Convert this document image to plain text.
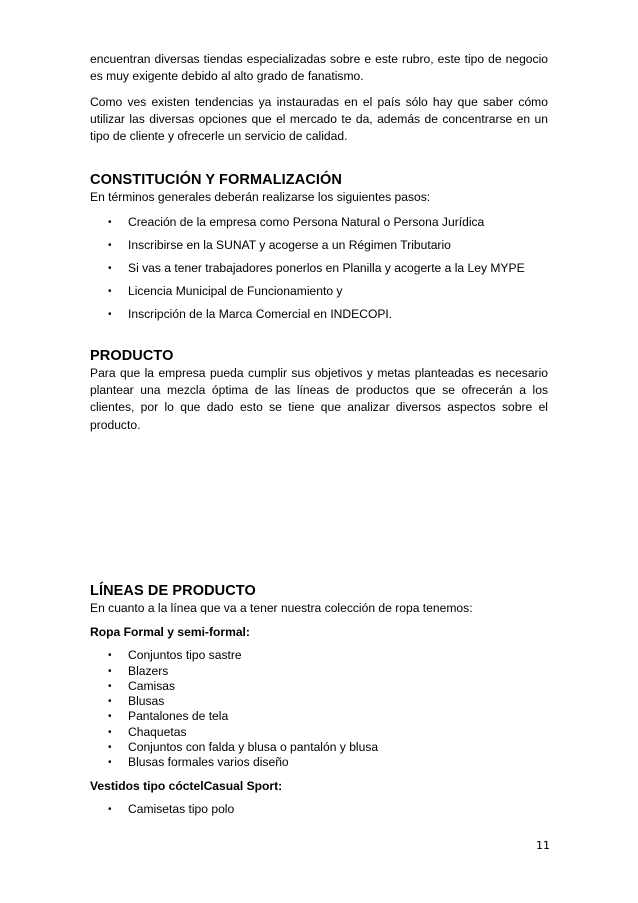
encuentran diversas tiendas especializadas sobre e este rubro, este tipo de negocio es muy exigente debido al alto grado de fanatismo.

Como ves existen tendencias ya instauradas en el país sólo hay que saber cómo utilizar las diversas opciones que el mercado te da, además de concentrarse en un tipo de cliente y ofrecerle un servicio de calidad.

CONSTITUCIÓN Y FORMALIZACIÓN

En términos generales deberán realizarse los siguientes pasos:

• Creación de la empresa como Persona Natural o Persona Jurídica
• Inscribirse en la SUNAT y acogerse a un Régimen Tributario
• Si vas a tener trabajadores ponerlos en Planilla y acogerte a la Ley MYPE
• Licencia Municipal de Funcionamiento y
• Inscripción de la Marca Comercial en INDECOPI.
PRODUCTO

Para que la empresa pueda cumplir sus objetivos y metas planteadas es necesario plantear una mezcla óptima de las líneas de productos que se ofrecerán a los clientes, por lo que dado esto se tiene que analizar diversos aspectos sobre el producto.

LÍNEAS DE PRODUCTO

En cuanto a la línea que va a tener nuestra colección de ropa tenemos:

Ropa Formal y semi-formal:
• Conjuntos tipo sastre
• Blazers
• Camisas
• Blusas
• Pantalones de tela
• Chaquetas
• Conjuntos con falda y blusa o pantalón y blusa
• Blusas formales varios diseño
Vestidos tipo cóctelCasual Sport:
• Camisetas tipo polo
11
